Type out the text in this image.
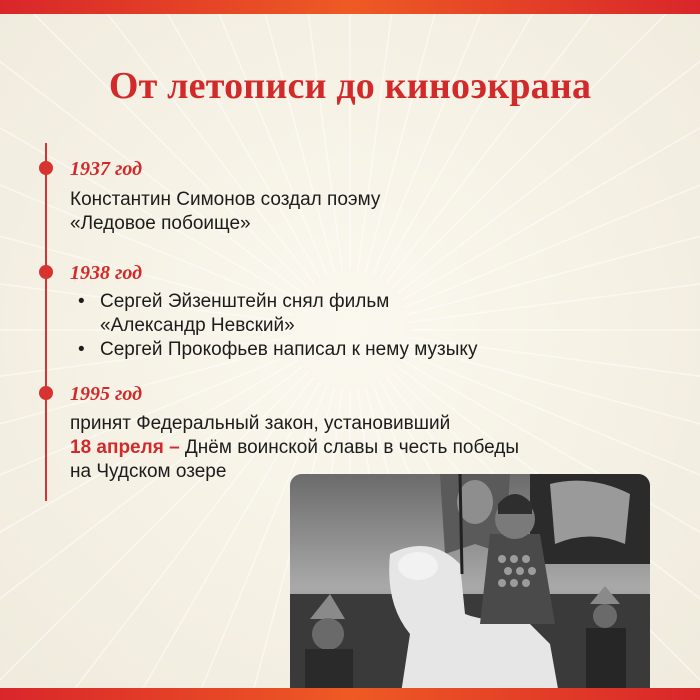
От летописи до киноэкрана
1937 год
Константин Симонов создал поэму
«Ледовое побоище»
1938 год
• Сергей Эйзенштейн снял фильм
«Александр Невский»
• Сергей Прокофьев написал к нему музыку
1995 год
принят Федеральный закон, установивший
18 апреля – Днём воинской славы в честь победы
на Чудском озере
